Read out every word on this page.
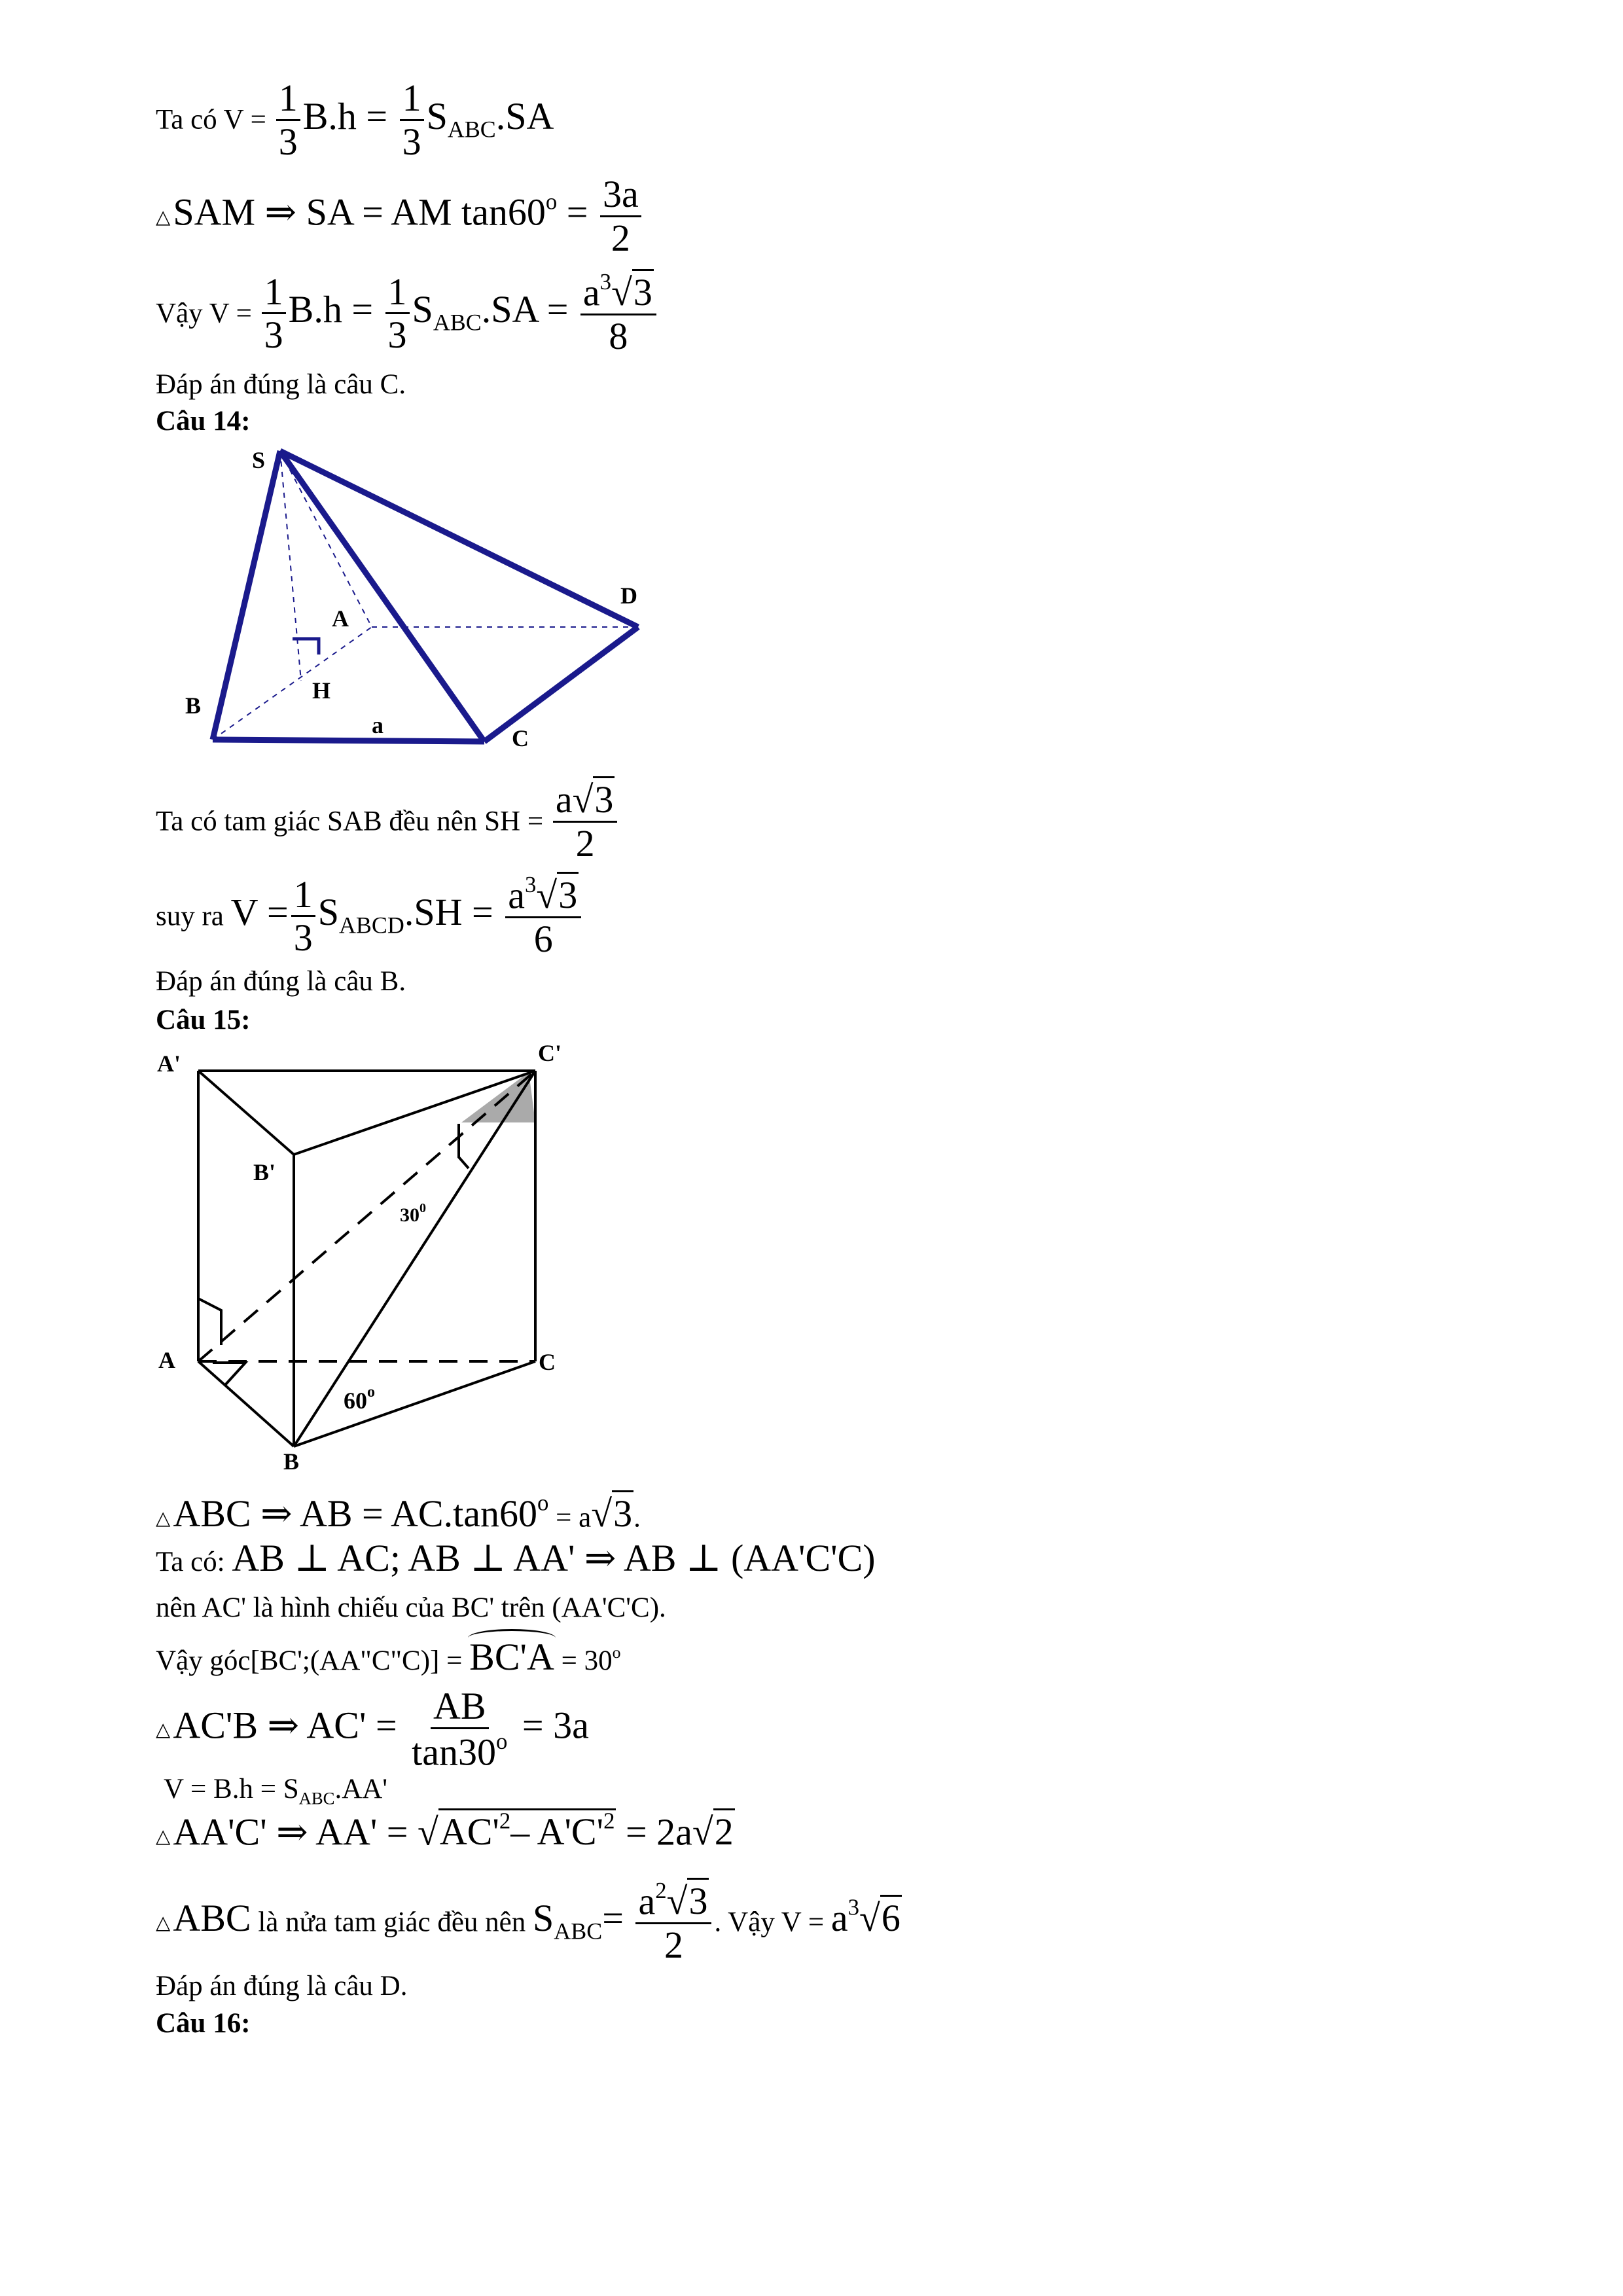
Ta có $V = \frac{1}{3} B.h = \frac{1}{3} S_{ABC}.SA$
△SAM ⇒ SA = AM $\tan 60^o = \frac{3a}{2}$
Vậy $V = \frac{1}{3} B.h = \frac{1}{3} S_{ABC}.SA = \frac{a^3√3}{8}$
Đáp án đúng là câu C.
Câu 14:
S
A
D
B
H
a	C
Ta có tam giác SAB đều nên SH = $\frac{a√3}{2}$
suy ra $V = \frac{1}{3} S_{ABCD}.SH = \frac{a^3√3}{6}$
Đáp án đúng là câu B.
Câu 15:
A'	C'
B'
A	C
B
60$^o$
$30^0$
△ABC ⇒ AB = $AC.\tan 60^o = a√3$.
Ta có: AB ⊥ AC; AB ⊥ AA' ⇒ AB ⊥ (AA'C'C)
nên AC' là hình chiếu của BC' trên (AA'C'C).
Vậy góc[BC';(AA"C"C)] = $BC'A = 30^o$
△AC'B ⇒ $AC' = \frac{AB}{\tan 30^o} = 3a$
$V = B.h = S_{ABC}.AA'$
△AA'C' ⇒ $AA' = √AC'^2-$ $A'C'^2 = 2a√2$
△ABC là nửa tam giác đều nên $S_{ABC}= \frac{a^2√3}{2}$ . Vậy $V = a^3√6$
Đáp án đúng là câu D.
Câu 16:
